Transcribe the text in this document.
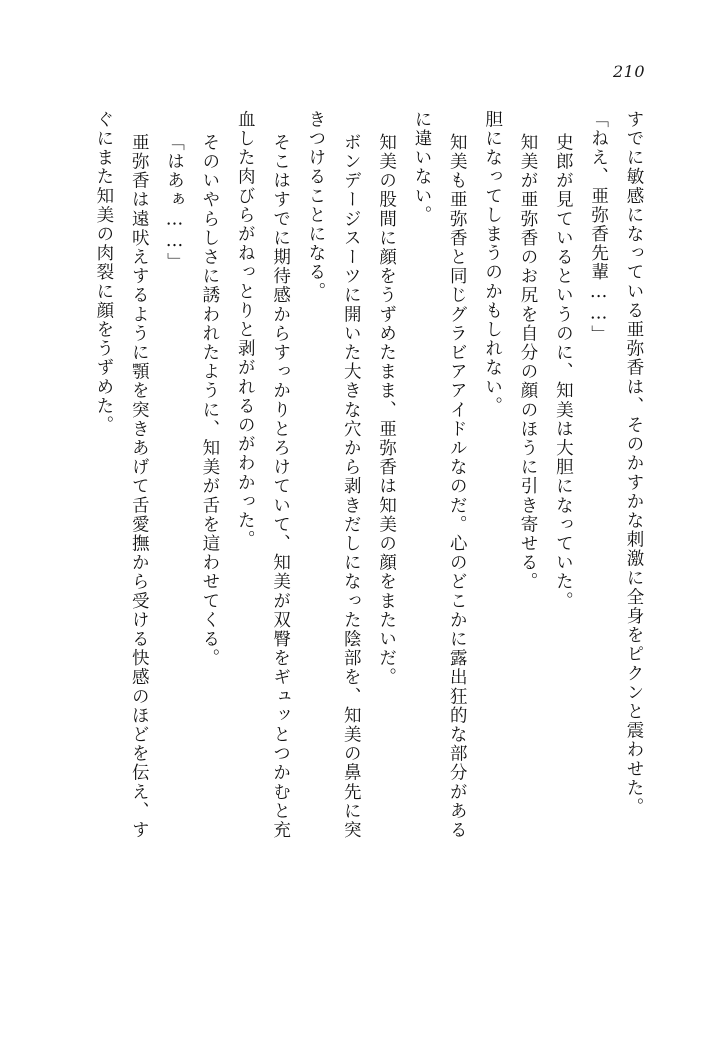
210

すでに敏感になっている亜弥香は、そのかすかな刺激に全身をピクンと震わせた。

「ねえ、亜弥香先輩……」

史郎が見ているというのに、知美は大胆になっていた。

知美が亜弥香のお尻を自分の顔のほうに引き寄せる。

胆になってしまうのかもしれない。

知美も亜弥香と同じグラビアアイドルなのだ。心のどこかに露出狂的な部分がある

に違いない。

知美の股間に顔をうずめたまま、亜弥香は知美の顔をまたいだ。

ボンデージスーツに開いた大きな穴から剥きだしになった陰部を、知美の鼻先に突

きつけることになる。

そこはすでに期待感からすっかりとろけていて、知美が双臀をギュッとつかむと充

血した肉びらがねっとりと剥がれるのがわかった。

そのいやらしさに誘われたように、知美が舌を這わせてくる。

「はあぁ……」

亜弥香は遠吠えするように顎を突きあげて舌愛撫から受ける快感のほどを伝え、す

ぐにまた知美の肉裂に顔をうずめた。
